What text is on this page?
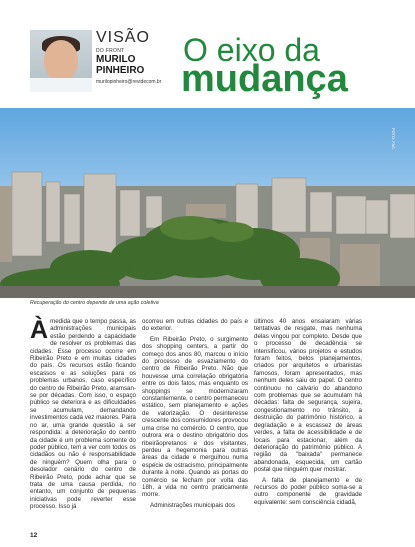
VISÃO
DO FRONT
MURILO
PINHEIRO
murilopinheiro@revidecom.br
O eixo da
mudança
FOTO: FAC
Recuperação do centro depende de uma ação coletiva

Àmedida que o tempo passa, as administrações municipais estão perdendo a capacidade de resolver os problemas das cidades. Esse processo ocorre em Ribeirão Preto e em muitas cidades do país. Os recursos estão ficando escassos e as soluções para os problemas urbanos, caso específico do centro de Ribeirão Preto, aramsan-se por décadas. Com isso, o espaço público se deteriora e as dificuldades se acumulam, demandando investimentos cada vez maiores. Paira no ar, uma grande questão a ser respondida: a deterioração do centro da cidade é um problema somente do poder público, tem a ver com todos os cidadãos ou não é responsabilidade de ninguém? Quem olha para o desolador cenário do centro de Ribeirão Preto, pode achar que se trata de uma causa perdida, no entanto, um conjunto de pequenas iniciativas pode reverter esse processo. Isso já

ocorreu em outras cidades do país e do exterior.

Em Ribeirão Preto, o surgimento dos shopping centers, a partir do começo dos anos 80, marcou o início do processo de esvaziamento do centro de Ribeirão Preto. Não que houvesse uma correlação obrigatória entre os dois fatos, mas enquanto os shoppings se modernizaram constantemente, o centro permaneceu estático, sem planejamento e ações de valorização. O desinteresse crescente dos consumidores provocou uma crise no comércio. O centro, que outrora era o destino obrigatório dos ribeirãopretanos e dos visitantes, perdeu a hegemonia para outras áreas da cidade e mergulhou numa espécie de ostracismo, principalmente durante à noite. Quando as portas do comércio se fecham por volta das 18h, a vida no centro praticamente morre.

Administrações municipais dos

últimos 40 anos ensaiaram várias tentativas de resgate, mas nenhuma delas vingou por completo. Desde que o processo de decadência se intensificou, vários projetos e estudos foram feitos, belos planejamentos, criados por arquitetos e urbanistas famosos, foram apresentados, mas nenhum deles saiu do papel. O centro continuou no calvário do abandono com problemas que se acumulam há décadas: falta de segurança, sujeira, congestionamento no trânsito, a destruição do patrimônio histórico, a degradação e a escassez de áreas verdes, a falta de acessibilidade e de locais para estacionar, além da deterioração do patrimônio público. A região da "baixada" permanece abandonada, esquecida, um cartão postal que ninguém quer mostrar.

A falta de planejamento e de recursos do poder público soma-se a outro componente de gravidade equivalente: sem consciência cidadã,

12
